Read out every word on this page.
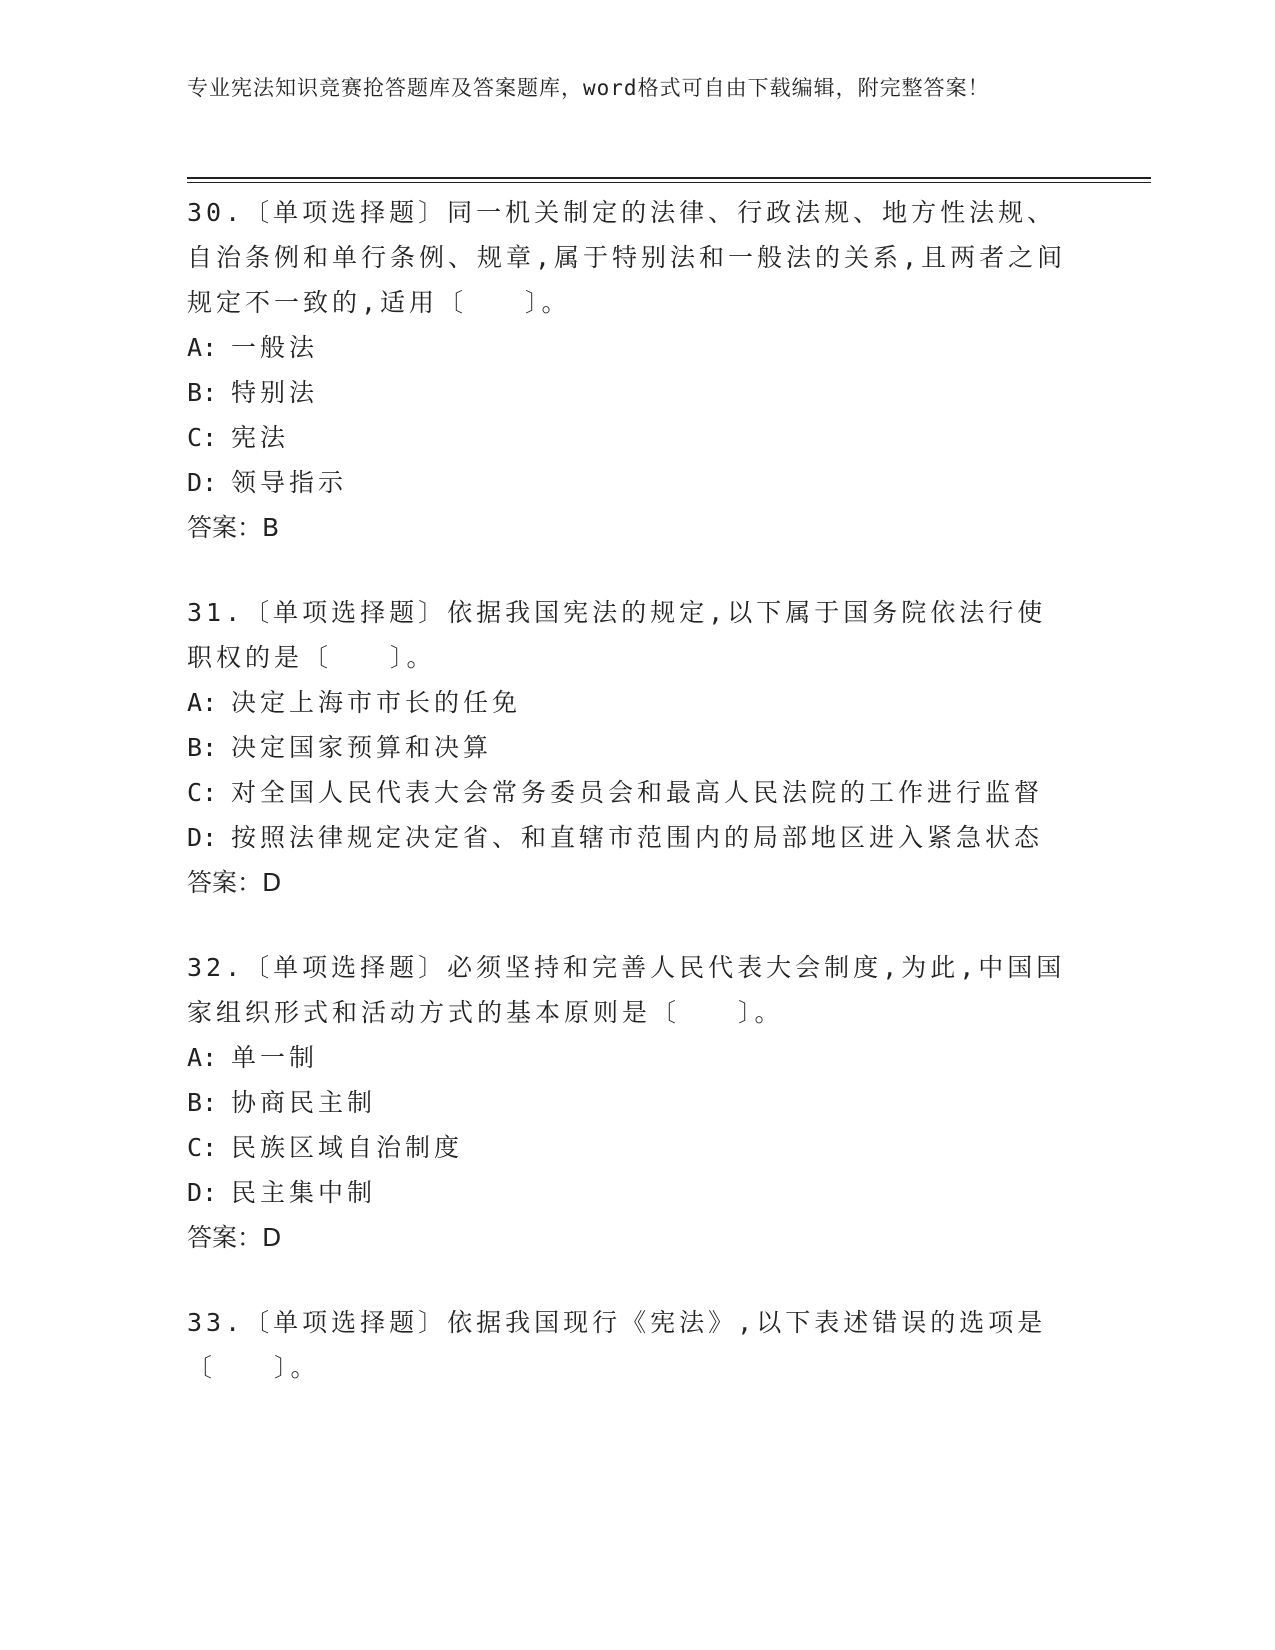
专业宪法知识竞赛抢答题库及答案题库，word格式可自由下载编辑，附完整答案！
30.〔单项选择题〕同一机关制定的法律、行政法规、地方性法规、自治条例和单行条例、规章,属于特别法和一般法的关系,且两者之间规定不一致的,适用〔　　〕。
A: 一般法
B: 特别法
C: 宪法
D: 领导指示
答案：B
31.〔单项选择题〕依据我国宪法的规定,以下属于国务院依法行使职权的是〔　　〕。
A: 决定上海市市长的任免
B: 决定国家预算和决算
C: 对全国人民代表大会常务委员会和最高人民法院的工作进行监督
D: 按照法律规定决定省、和直辖市范围内的局部地区进入紧急状态
答案：D
32.〔单项选择题〕必须坚持和完善人民代表大会制度,为此,中国国家组织形式和活动方式的基本原则是〔　　〕。
A: 单一制
B: 协商民主制
C: 民族区域自治制度
D: 民主集中制
答案：D
33.〔单项选择题〕依据我国现行《宪法》,以下表述错误的选项是〔　　〕。
